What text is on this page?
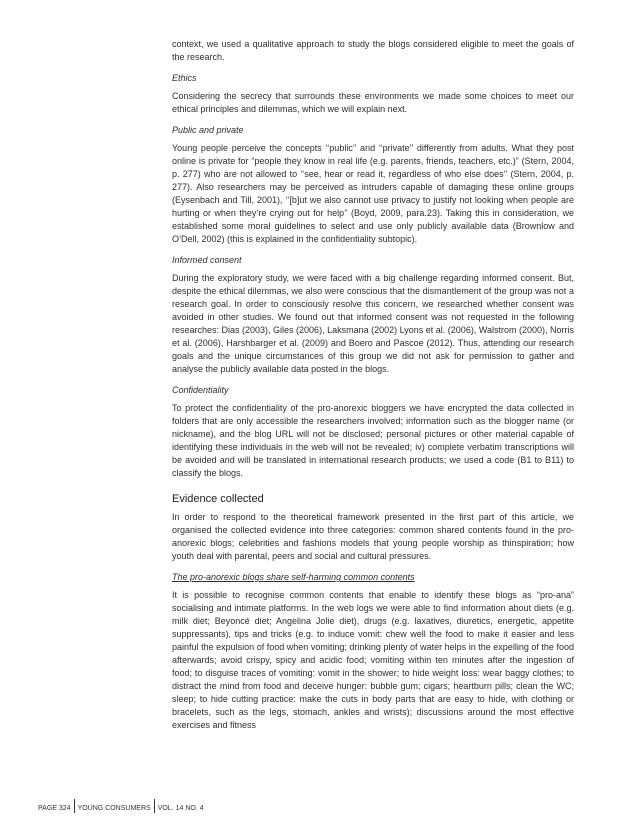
context, we used a qualitative approach to study the blogs considered eligible to meet the goals of the research.
Ethics
Considering the secrecy that surrounds these environments we made some choices to meet our ethical principles and dilemmas, which we will explain next.
Public and private
Young people perceive the concepts ‘‘public’’ and ‘‘private’’ differently from adults. What they post online is private for “people they know in real life (e.g. parents, friends, teachers, etc.)” (Stern, 2004, p. 277) who are not allowed to ‘‘see, hear or read it, regardless of who else does’’ (Stern, 2004, p. 277). Also researchers may be perceived as intruders capable of damaging these online groups (Eysenbach and Till, 2001), ‘‘[b]ut we also cannot use privacy to justify not looking when people are hurting or when they’re crying out for help’’ (Boyd, 2009, para.23). Taking this in consideration, we established some moral guidelines to select and use only publicly available data (Brownlow and O’Dell, 2002) (this is explained in the confidentiality subtopic).
Informed consent
During the exploratory study, we were faced with a big challenge regarding informed consent. But, despite the ethical dilemmas, we also were conscious that the dismantlement of the group was not a research goal. In order to consciously resolve this concern, we researched whether consent was avoided in other studies. We found out that informed consent was not requested in the following researches: Dias (2003), Giles (2006), Laksmana (2002) Lyons et al. (2006), Walstrom (2000), Norris et al. (2006), Harshbarger et al. (2009) and Boero and Pascoe (2012). Thus, attending our research goals and the unique circumstances of this group we did not ask for permission to gather and analyse the publicly available data posted in the blogs.
Confidentiality
To protect the confidentiality of the pro-anorexic bloggers we have encrypted the data collected in folders that are only accessible the researchers involved; information such as the blogger name (or nickname), and the blog URL will not be disclosed; personal pictures or other material capable of identifying these individuals in the web will not be revealed; iv) complete verbatim transcriptions will be avoided and will be translated in international research products; we used a code (B1 to B11) to classify the blogs.
Evidence collected
In order to respond to the theoretical framework presented in the first part of this article, we organised the collected evidence into three categories: common shared contents found in the pro-anorexic blogs; celebrities and fashions models that young people worship as thinspiration; how youth deal with parental, peers and social and cultural pressures.
The pro-anorexic blogs share self-harming common contents
It is possible to recognise common contents that enable to identify these blogs as “pro-ana” socialising and intimate platforms. In the web logs we were able to find information about diets (e.g. milk diet; Beyoncé diet; Angelina Jolie diet), drugs (e.g. laxatives, diuretics, energetic, appetite suppressants), tips and tricks (e.g. to induce vomit: chew well the food to make it easier and less painful the expulsion of food when vomiting; drinking plenty of water helps in the expelling of the food afterwards; avoid crispy, spicy and acidic food; vomiting within ten minutes after the ingestion of food; to disguise traces of vomiting: vomit in the shower; to hide weight loss: wear baggy clothes; to distract the mind from food and deceive hunger: bubble gum; cigars; heartburn pills; clean the WC; sleep; to hide cutting practice: make the cuts in body parts that are easy to hide, with clothing or bracelets, such as the legs, stomach, ankles and wrists); discussions around the most effective exercises and fitness
PAGE 324 YOUNG CONSUMERS VOL. 14 NO. 4
